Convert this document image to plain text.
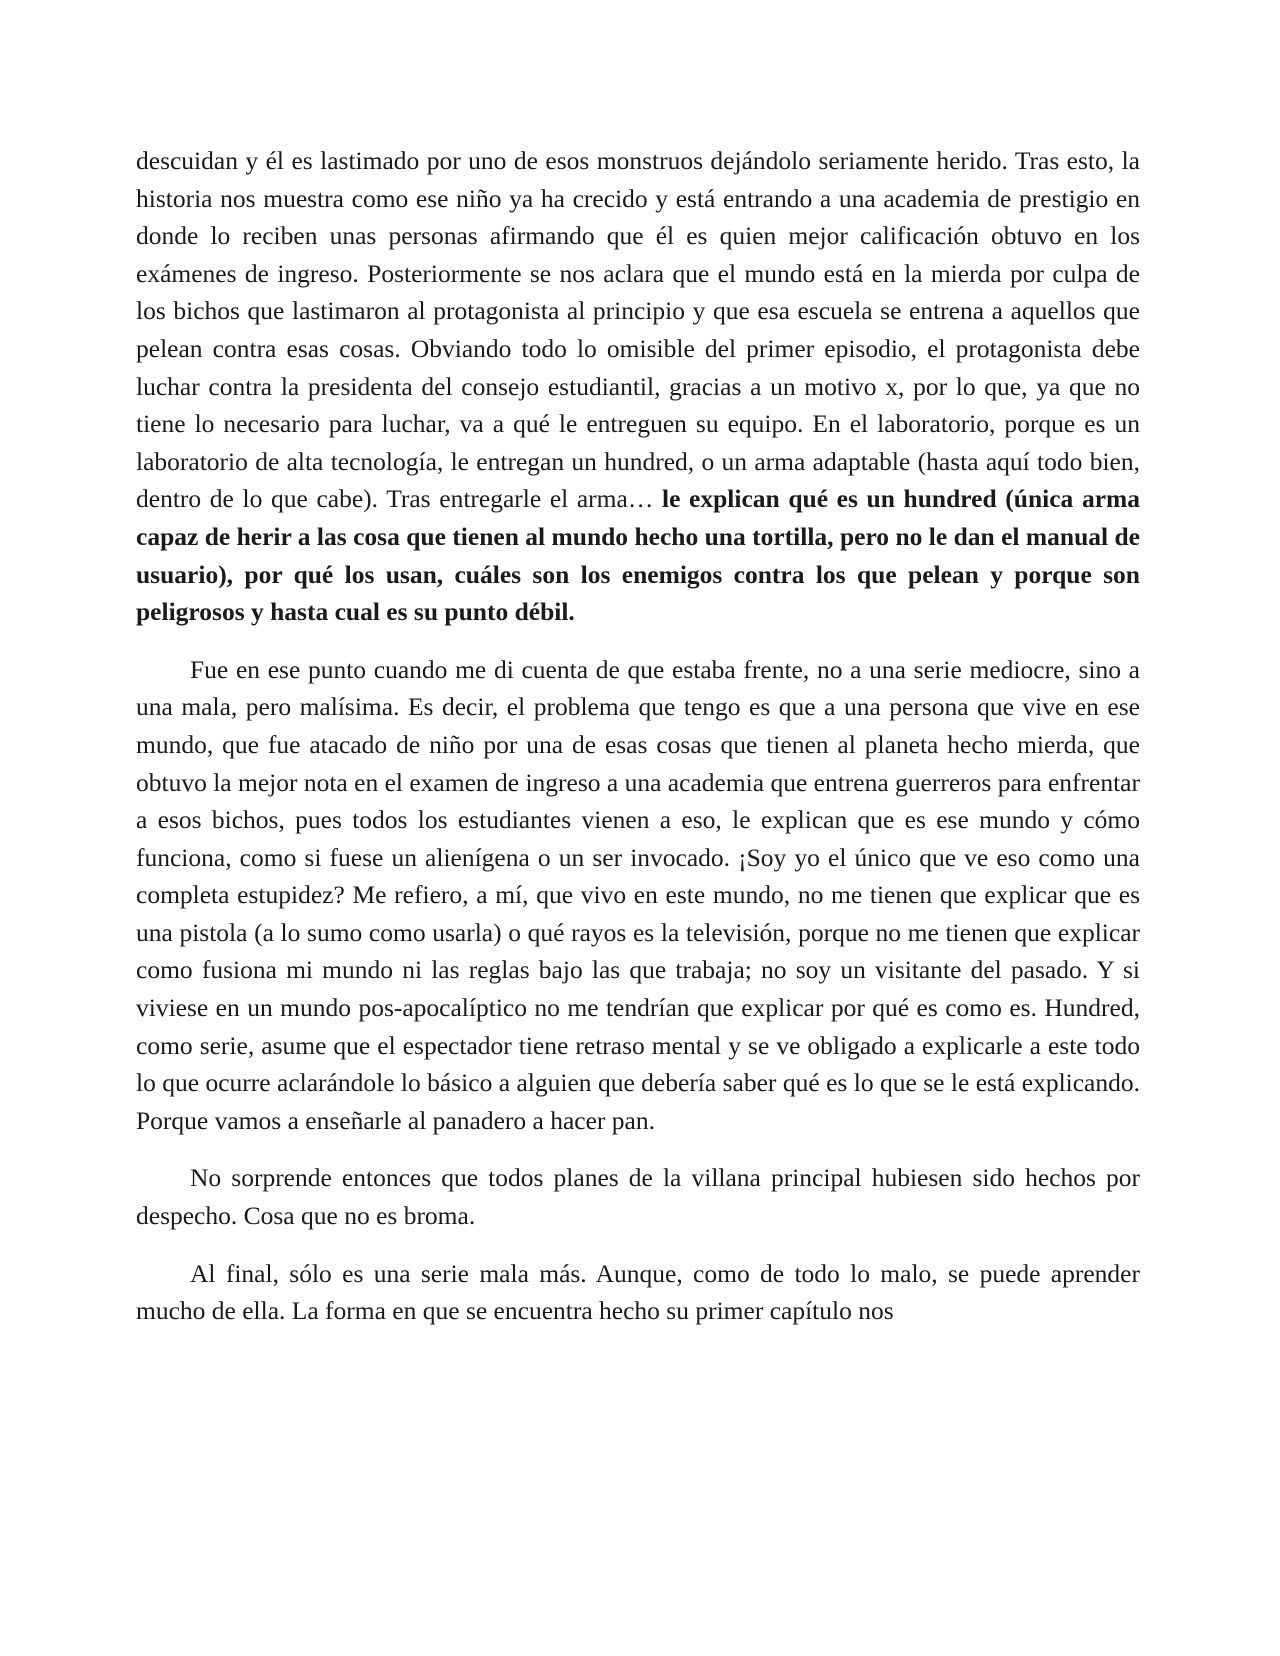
descuidan y él es lastimado por uno de esos monstruos dejándolo seriamente herido. Tras esto, la historia nos muestra como ese niño ya ha crecido y está entrando a una academia de prestigio en donde lo reciben unas personas afirmando que él es quien mejor calificación obtuvo en los exámenes de ingreso. Posteriormente se nos aclara que el mundo está en la mierda por culpa de los bichos que lastimaron al protagonista al principio y que esa escuela se entrena a aquellos que pelean contra esas cosas. Obviando todo lo omisible del primer episodio, el protagonista debe luchar contra la presidenta del consejo estudiantil, gracias a un motivo x, por lo que, ya que no tiene lo necesario para luchar, va a qué le entreguen su equipo. En el laboratorio, porque es un laboratorio de alta tecnología, le entregan un hundred, o un arma adaptable (hasta aquí todo bien, dentro de lo que cabe). Tras entregarle el arma… le explican qué es un hundred (única arma capaz de herir a las cosa que tienen al mundo hecho una tortilla, pero no le dan el manual de usuario), por qué los usan, cuáles son los enemigos contra los que pelean y porque son peligrosos y hasta cual es su punto débil.

Fue en ese punto cuando me di cuenta de que estaba frente, no a una serie mediocre, sino a una mala, pero malísima. Es decir, el problema que tengo es que a una persona que vive en ese mundo, que fue atacado de niño por una de esas cosas que tienen al planeta hecho mierda, que obtuvo la mejor nota en el examen de ingreso a una academia que entrena guerreros para enfrentar a esos bichos, pues todos los estudiantes vienen a eso, le explican que es ese mundo y cómo funciona, como si fuese un alienígena o un ser invocado. ¡Soy yo el único que ve eso como una completa estupidez? Me refiero, a mí, que vivo en este mundo, no me tienen que explicar que es una pistola (a lo sumo como usarla) o qué rayos es la televisión, porque no me tienen que explicar como fusiona mi mundo ni las reglas bajo las que trabaja; no soy un visitante del pasado. Y si viviese en un mundo pos-apocalíptico no me tendrían que explicar por qué es como es. Hundred, como serie, asume que el espectador tiene retraso mental y se ve obligado a explicarle a este todo lo que ocurre aclarándole lo básico a alguien que debería saber qué es lo que se le está explicando. Porque vamos a enseñarle al panadero a hacer pan.

No sorprende entonces que todos planes de la villana principal hubiesen sido hechos por despecho. Cosa que no es broma.

Al final, sólo es una serie mala más. Aunque, como de todo lo malo, se puede aprender mucho de ella. La forma en que se encuentra hecho su primer capítulo nos
